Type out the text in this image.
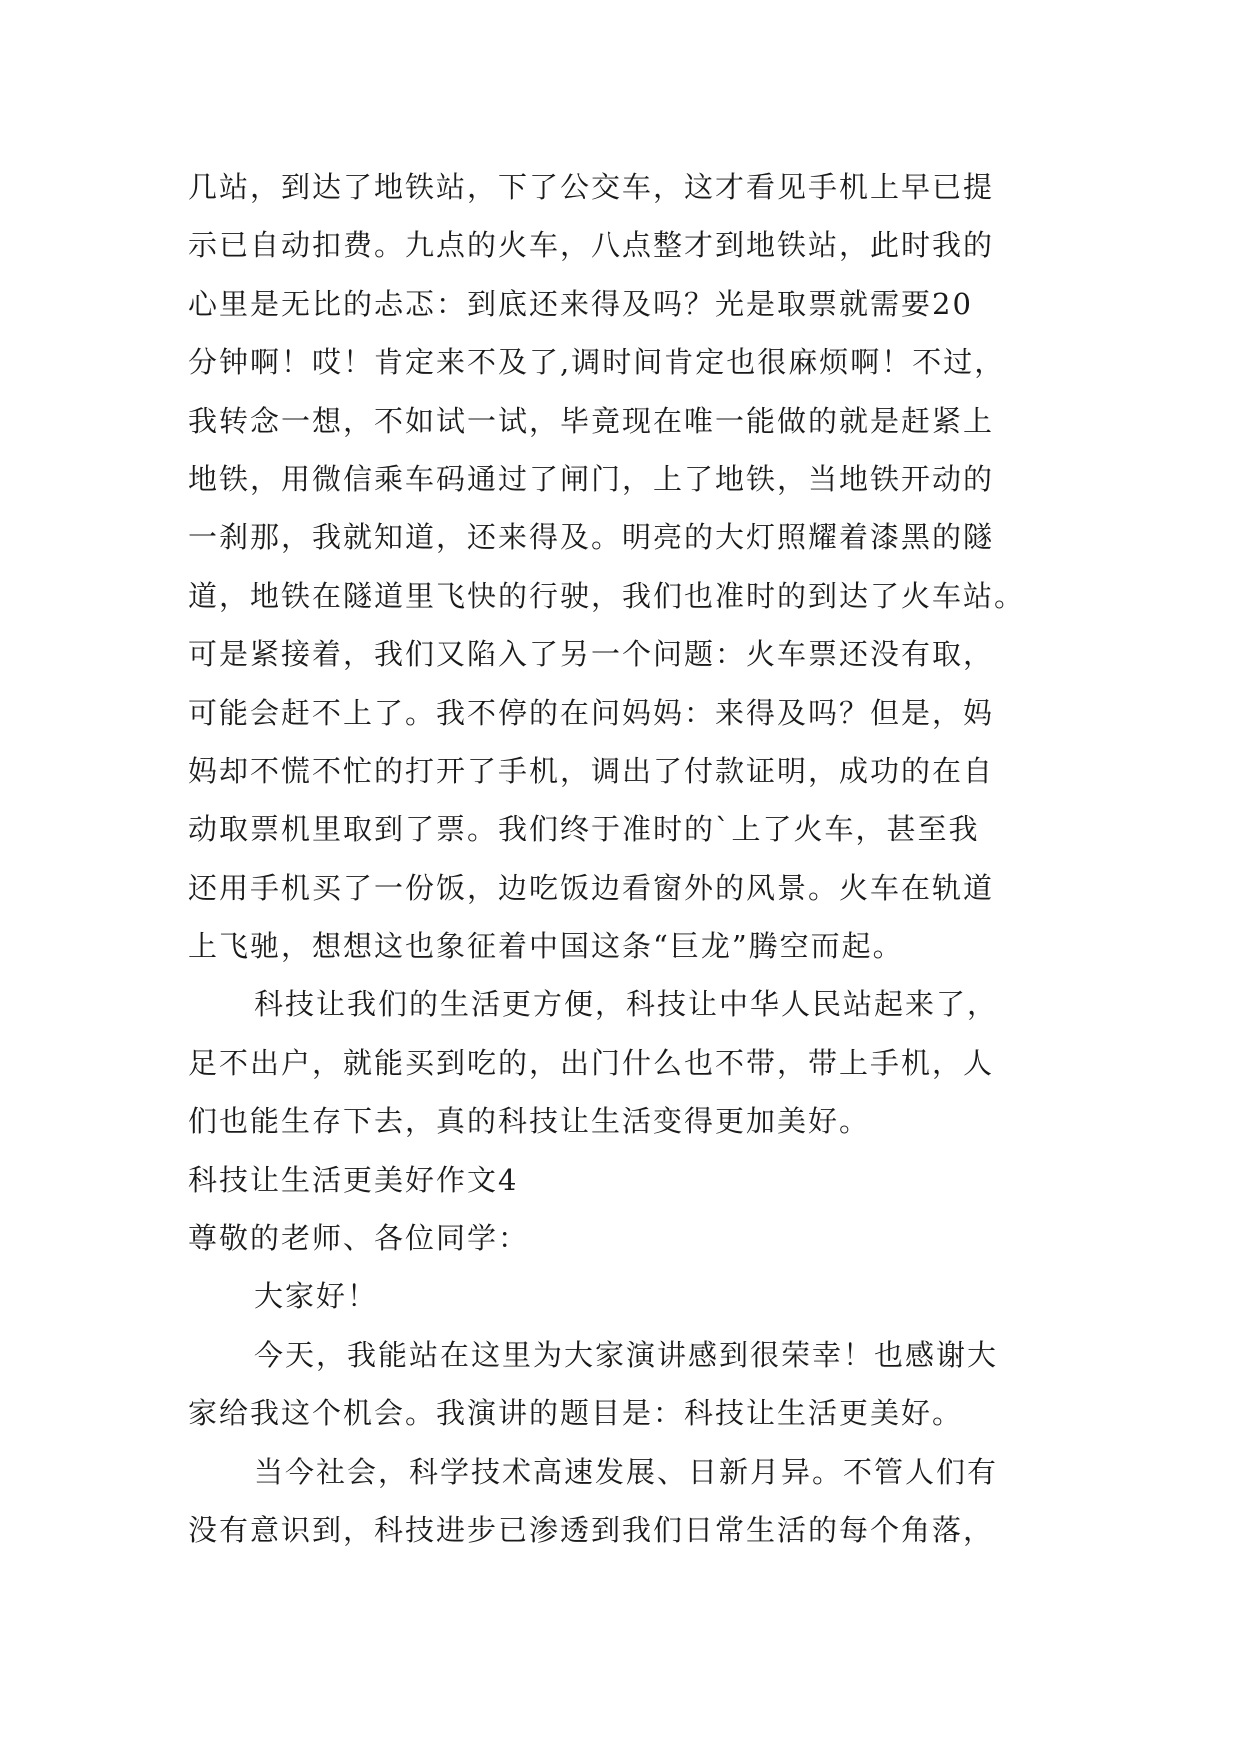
几站，到达了地铁站，下了公交车，这才看见手机上早已提
示已自动扣费。九点的火车，八点整才到地铁站，此时我的
心里是无比的忐忑：到底还来得及吗？光是取票就需要20
分钟啊！哎！肯定来不及了,调时间肯定也很麻烦啊！不过，
我转念一想，不如试一试，毕竟现在唯一能做的就是赶紧上
地铁，用微信乘车码通过了闸门，上了地铁，当地铁开动的
一刹那，我就知道，还来得及。明亮的大灯照耀着漆黑的隧
道，地铁在隧道里飞快的行驶，我们也准时的到达了火车站。
可是紧接着，我们又陷入了另一个问题：火车票还没有取，
可能会赶不上了。我不停的在问妈妈：来得及吗？但是，妈
妈却不慌不忙的打开了手机，调出了付款证明，成功的在自
动取票机里取到了票。我们终于准时的`上了火车，甚至我
还用手机买了一份饭，边吃饭边看窗外的风景。火车在轨道
上飞驰，想想这也象征着中国这条“巨龙”腾空而起。
科技让我们的生活更方便，科技让中华人民站起来了，
足不出户，就能买到吃的，出门什么也不带，带上手机，人
们也能生存下去，真的科技让生活变得更加美好。
科技让生活更美好作文4
尊敬的老师、各位同学：
大家好！
今天，我能站在这里为大家演讲感到很荣幸！也感谢大
家给我这个机会。我演讲的题目是：科技让生活更美好。
当今社会，科学技术高速发展、日新月异。不管人们有
没有意识到，科技进步已渗透到我们日常生活的每个角落，
